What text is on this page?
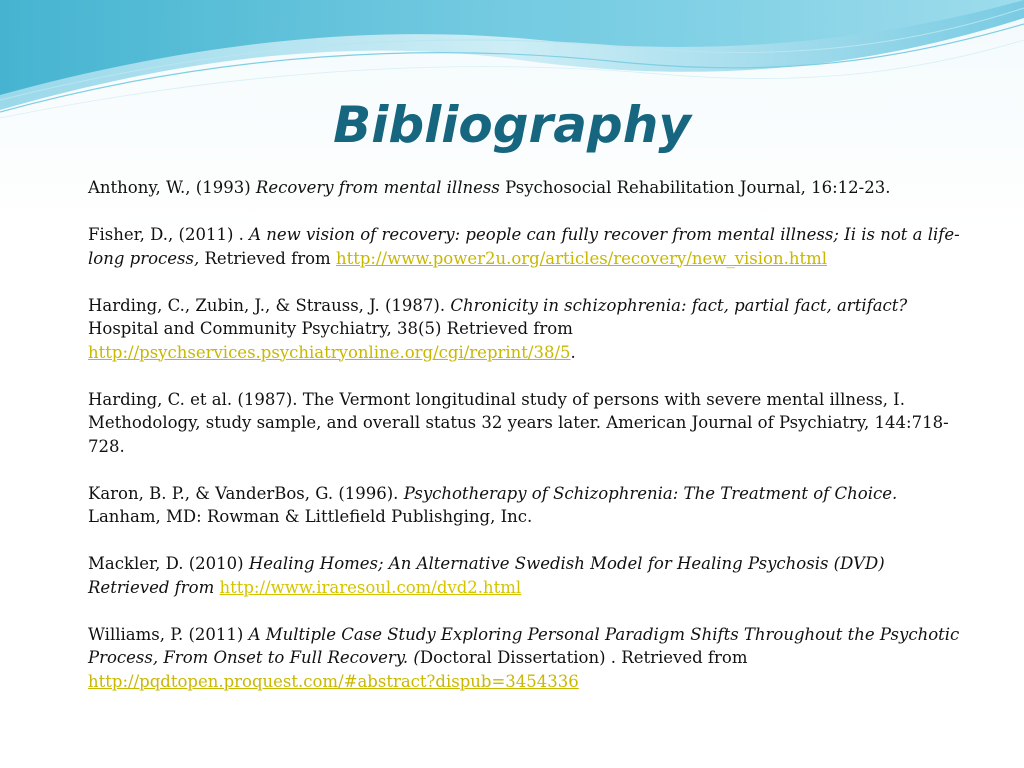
Bibliography

Anthony, W., (1993) Recovery from mental illness Psychosocial Rehabilitation Journal, 16:12-23.

Fisher, D., (2011) . A new vision of recovery: people can fully recover from mental illness; Ii is not a life-long process, Retrieved from http://www.power2u.org/articles/recovery/new_vision.html

Harding, C., Zubin, J., & Strauss, J. (1987). Chronicity in schizophrenia: fact, partial fact, artifact? Hospital and Community Psychiatry, 38(5) Retrieved from
http://psychservices.psychiatryonline.org/cgi/reprint/38/5.

Harding, C. et al. (1987). The Vermont longitudinal study of persons with severe mental illness, I. Methodology, study sample, and overall status 32 years later. American Journal of Psychiatry, 144:718-728.

Karon, B. P., & VanderBos, G. (1996). Psychotherapy of Schizophrenia: The Treatment of Choice. Lanham, MD: Rowman & Littlefield Publishging, Inc.

Mackler, D. (2010) Healing Homes; An Alternative Swedish Model for Healing Psychosis (DVD) Retrieved from http://www.iraresoul.com/dvd2.html

Williams, P. (2011) A Multiple Case Study Exploring Personal Paradigm Shifts Throughout the Psychotic Process, From Onset to Full Recovery. (Doctoral Dissertation) . Retrieved from
http://pqdtopen.proquest.com/#abstract?dispub=3454336
